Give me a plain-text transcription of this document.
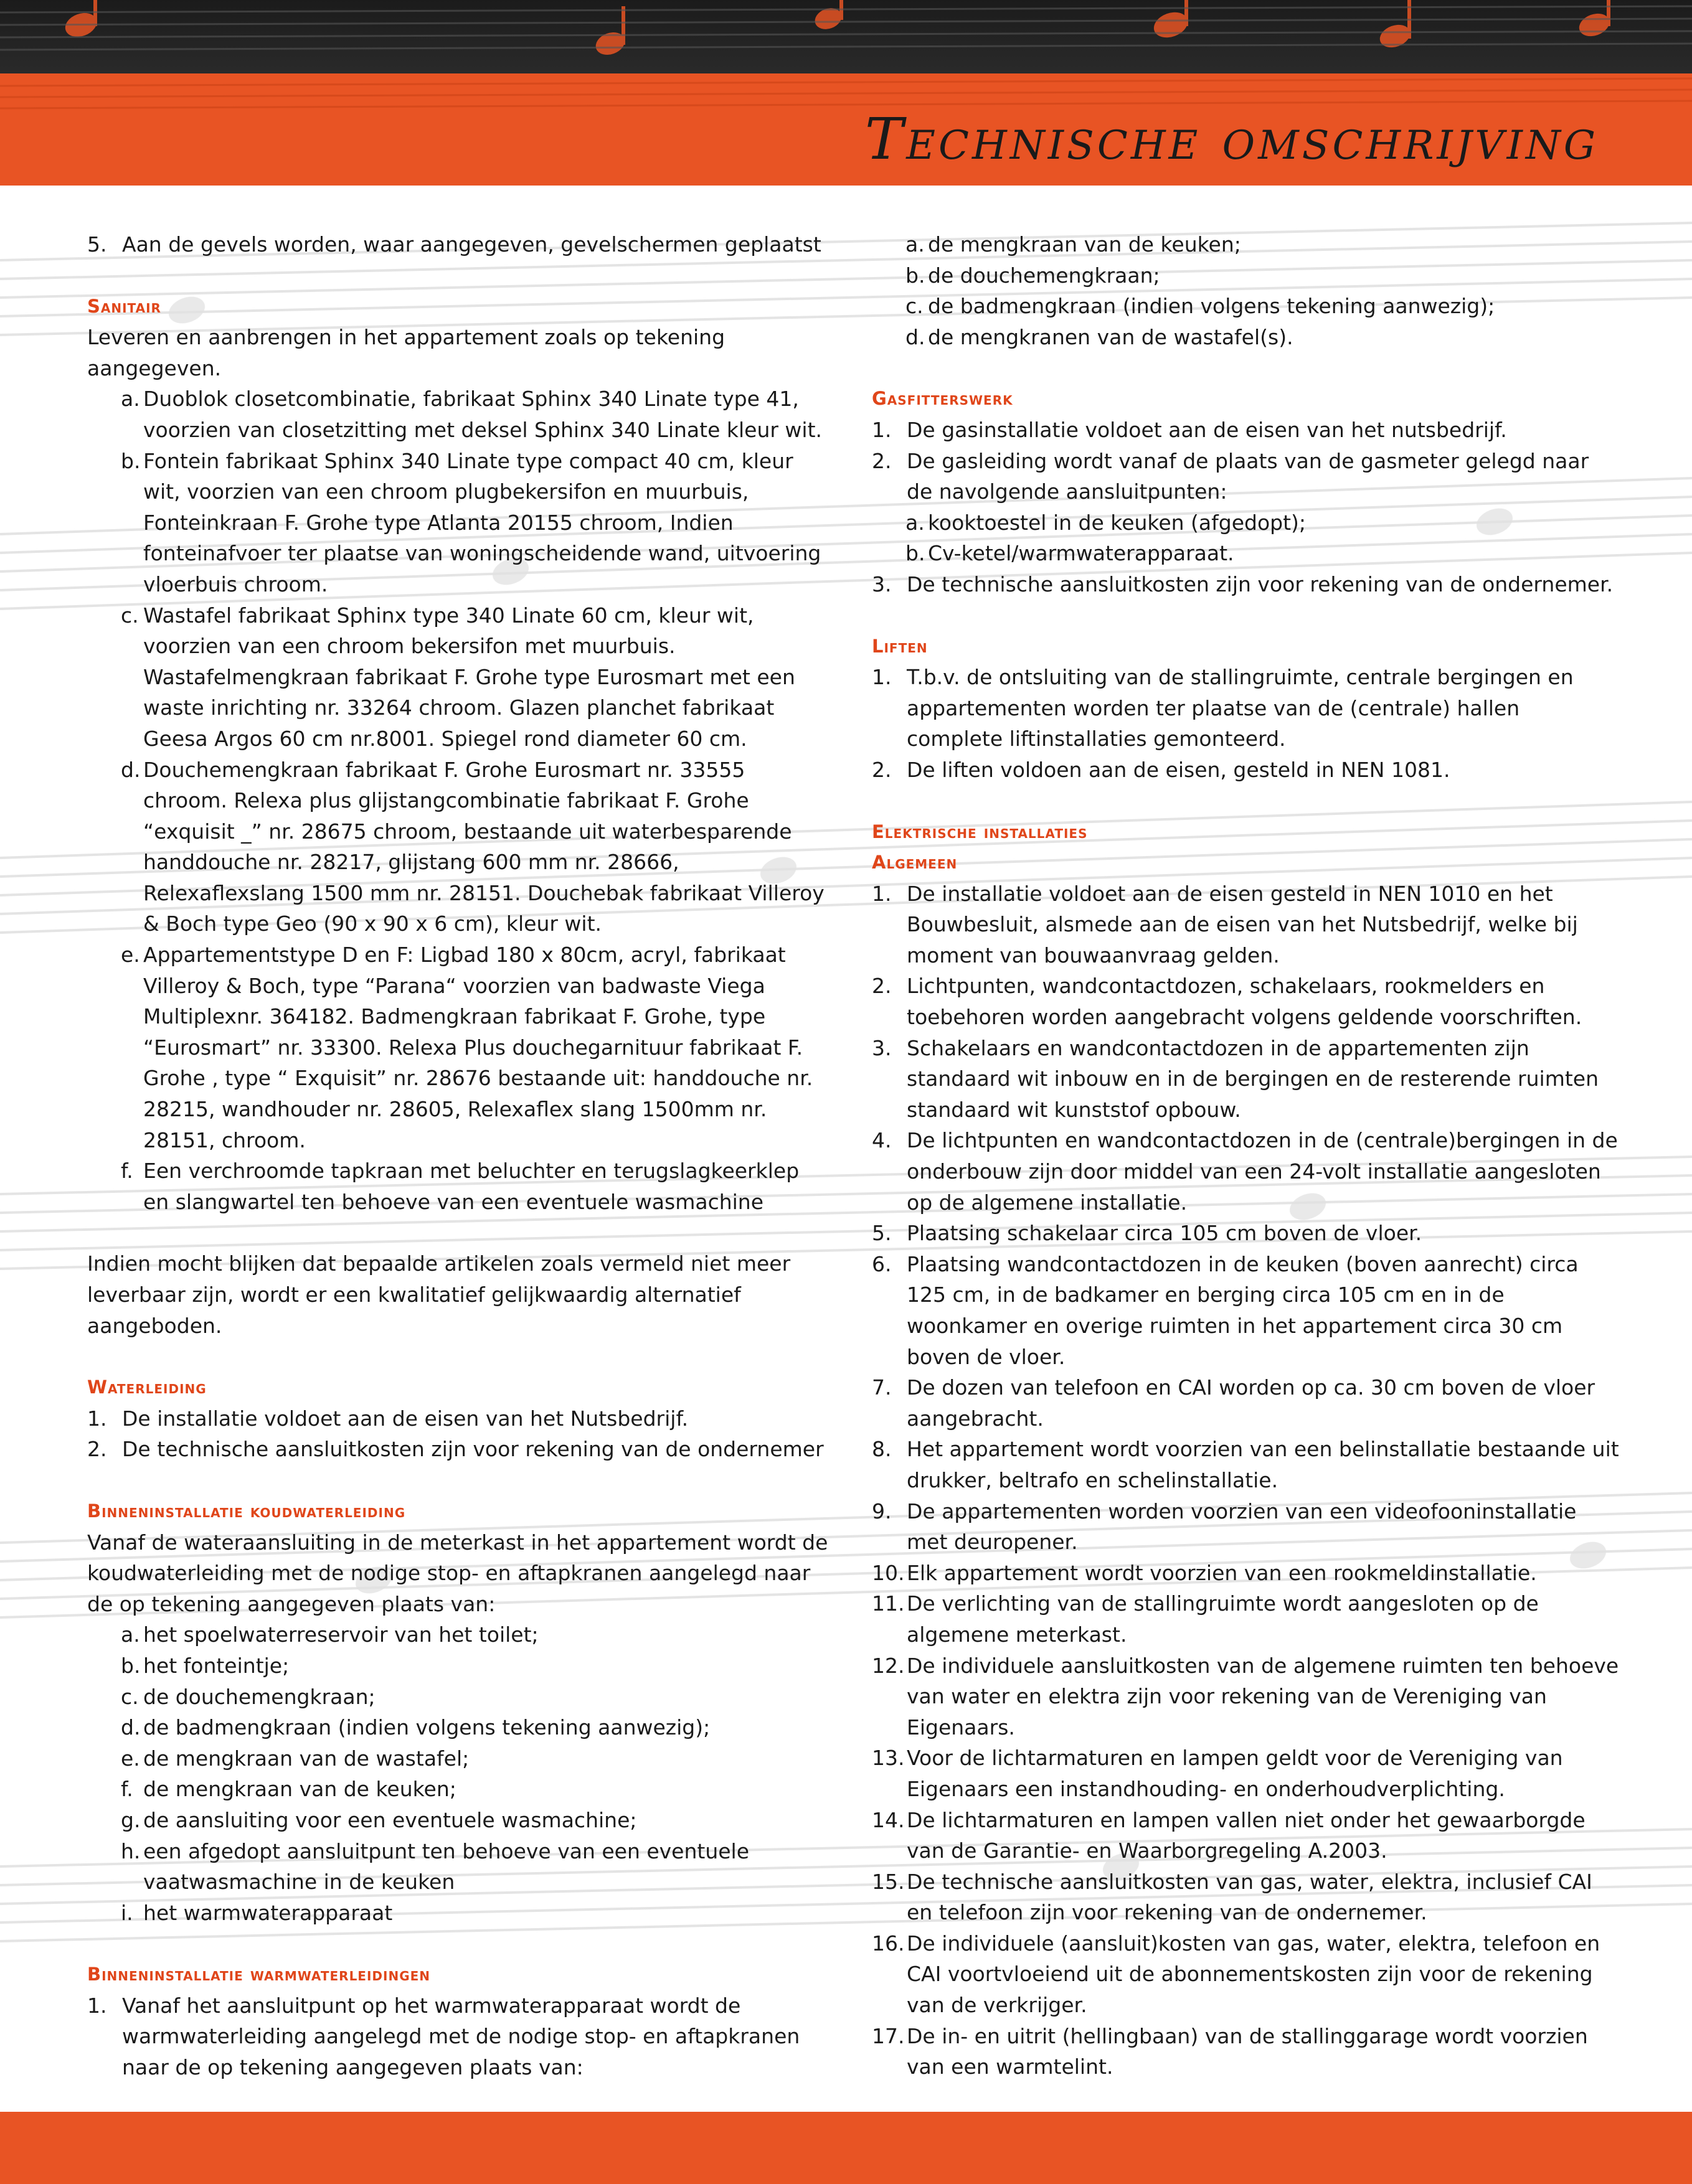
Technische omschrijving
5. Aan de gevels worden, waar aangegeven, gevelschermen geplaatst
Sanitair

Leveren en aanbrengen in het appartement zoals op tekening aangegeven.

a. Duoblok closetcombinatie, fabrikaat Sphinx 340 Linate type 41, voorzien van closetzitting met deksel Sphinx 340 Linate kleur wit.
b. Fontein fabrikaat Sphinx 340 Linate type compact 40 cm, kleur wit, voorzien van een chroom plugbekersifon en muurbuis, Fonteinkraan F. Grohe type Atlanta 20155 chroom, Indien fonteinafvoer ter plaatse van woningscheidende wand, uitvoering vloerbuis chroom.
c. Wastafel fabrikaat Sphinx type 340 Linate 60 cm, kleur wit, voorzien van een chroom bekersifon met muurbuis. Wastafelmengkraan fabrikaat F. Grohe type Eurosmart met een waste inrichting nr. 33264 chroom. Glazen planchet fabrikaat Geesa Argos 60 cm nr.8001. Spiegel rond diameter 60 cm.
d. Douchemengkraan fabrikaat F. Grohe Eurosmart nr. 33555 chroom. Relexa plus glijstangcombinatie fabrikaat F. Grohe “exquisit _” nr. 28675 chroom, bestaande uit waterbesparende handdouche nr. 28217, glijstang 600 mm nr. 28666, Relexaflexslang 1500 mm nr. 28151. Douchebak fabrikaat Villeroy & Boch type Geo (90 x 90 x 6 cm), kleur wit.
e. Appartementstype D en F: Ligbad 180 x 80cm, acryl, fabrikaat Villeroy & Boch, type “Parana“ voorzien van badwaste Viega Multiplexnr. 364182. Badmengkraan fabrikaat F. Grohe, type “Eurosmart” nr. 33300. Relexa Plus douchegarnituur fabrikaat F. Grohe , type “ Exquisit” nr. 28676 bestaande uit: handdouche nr. 28215, wandhouder nr. 28605, Relexaflex slang 1500mm nr. 28151, chroom.
f. Een verchroomde tapkraan met beluchter en terugslagkeerklep en slangwartel ten behoeve van een eventuele wasmachine

Indien mocht blijken dat bepaalde artikelen zoals vermeld niet meer leverbaar zijn, wordt er een kwalitatief gelijkwaardig alternatief aangeboden.

Waterleiding
1. De installatie voldoet aan de eisen van het Nutsbedrijf.
2. De technische aansluitkosten zijn voor rekening van de ondernemer
Binneninstallatie koudwaterleiding

Vanaf de wateraansluiting in de meterkast in het appartement wordt de koudwaterleiding met de nodige stop- en aftapkranen aangelegd naar de op tekening aangegeven plaats van:

a. het spoelwaterreservoir van het toilet;
b. het fonteintje;
c. de douchemengkraan;
d. de badmengkraan (indien volgens tekening aanwezig);
e. de mengkraan van de wastafel;
f. de mengkraan van de keuken;
g. de aansluiting voor een eventuele wasmachine;
h. een afgedopt aansluitpunt ten behoeve van een eventuele vaatwasmachine in de keuken
i. het warmwaterapparaat
Binneninstallatie warmwaterleidingen
1. Vanaf het aansluitpunt op het warmwaterapparaat wordt de warmwaterleiding aangelegd met de nodige stop- en aftapkranen naar de op tekening aangegeven plaats van:
a. de mengkraan van de keuken;
b. de douchemengkraan;
c. de badmengkraan (indien volgens tekening aanwezig);
d. de mengkranen van de wastafel(s).
Gasfitterswerk
1. De gasinstallatie voldoet aan de eisen van het nutsbedrijf.
2. De gasleiding wordt vanaf de plaats van de gasmeter gelegd naar de navolgende aansluitpunten:
a. kooktoestel in de keuken (afgedopt);
b. Cv-ketel/warmwaterapparaat.
3. De technische aansluitkosten zijn voor rekening van de ondernemer.
Liften
1. T.b.v. de ontsluiting van de stallingruimte, centrale bergingen en appartementen worden ter plaatse van de (centrale) hallen complete liftinstallaties gemonteerd.
2. De liften voldoen aan de eisen, gesteld in NEN 1081.
Elektrische installaties
Algemeen
1. De installatie voldoet aan de eisen gesteld in NEN 1010 en het Bouwbesluit, alsmede aan de eisen van het Nutsbedrijf, welke bij moment van bouwaanvraag gelden.
2. Lichtpunten, wandcontactdozen, schakelaars, rookmelders en toebehoren worden aangebracht volgens geldende voorschriften.
3. Schakelaars en wandcontactdozen in de appartementen zijn standaard wit inbouw en in de bergingen en de resterende ruimten standaard wit kunststof opbouw.
4. De lichtpunten en wandcontactdozen in de (centrale)bergingen in de onderbouw zijn door middel van een 24-volt installatie aangesloten op de algemene installatie.
5. Plaatsing schakelaar circa 105 cm boven de vloer.
6. Plaatsing wandcontactdozen in de keuken (boven aanrecht) circa 125 cm, in de badkamer en berging circa 105 cm en in de woonkamer en overige ruimten in het appartement circa 30 cm boven de vloer.
7. De dozen van telefoon en CAI worden op ca. 30 cm boven de vloer aangebracht.
8. Het appartement wordt voorzien van een belinstallatie bestaande uit drukker, beltrafo en schelinstallatie.
9. De appartementen worden voorzien van een videofooninstallatie met deuropener.
10. Elk appartement wordt voorzien van een rookmeldinstallatie.
11. De verlichting van de stallingruimte wordt aangesloten op de algemene meterkast.
12. De individuele aansluitkosten van de algemene ruimten ten behoeve van water en elektra zijn voor rekening van de Vereniging van Eigenaars.
13. Voor de lichtarmaturen en lampen geldt voor de Vereniging van Eigenaars een instandhouding- en onderhoudverplichting.
14. De lichtarmaturen en lampen vallen niet onder het gewaarborgde van de Garantie- en Waarborgregeling A.2003.
15. De technische aansluitkosten van gas, water, elektra, inclusief CAI en telefoon zijn voor rekening van de ondernemer.
16. De individuele (aansluit)kosten van gas, water, elektra, telefoon en CAI voortvloeiend uit de abonnementskosten zijn voor de rekening van de verkrijger.
17. De in- en uitrit (hellingbaan) van de stallinggarage wordt voorzien van een warmtelint.
